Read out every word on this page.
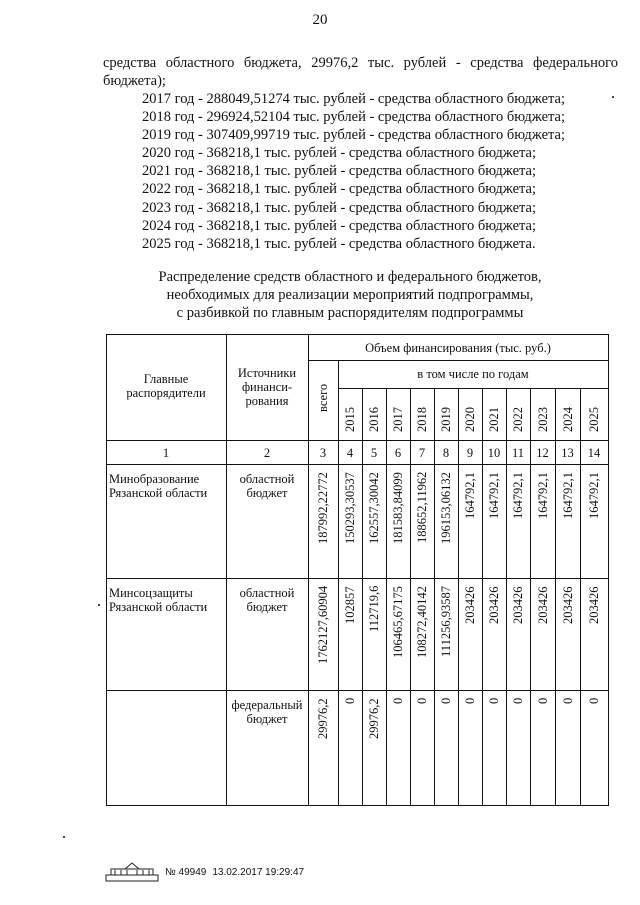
20
средства областного бюджета, 29976,2 тыс. рублей - средства федерального бюджета);
2017 год - 288049,51274 тыс. рублей - средства областного бюджета;
2018 год - 296924,52104 тыс. рублей - средства областного бюджета;
2019 год - 307409,99719 тыс. рублей - средства областного бюджета;
2020 год - 368218,1 тыс. рублей - средства областного бюджета;
2021 год - 368218,1 тыс. рублей - средства областного бюджета;
2022 год - 368218,1 тыс. рублей - средства областного бюджета;
2023 год - 368218,1 тыс. рублей - средства областного бюджета;
2024 год - 368218,1 тыс. рублей - средства областного бюджета;
2025 год - 368218,1 тыс. рублей - средства областного бюджета.
Распределение средств областного и федерального бюджетов,
необходимых для реализации мероприятий подпрограммы,
с разбивкой по главным распорядителям подпрограммы
Главные распорядители
Источники финанси-рования
Объем финансирования (тыс. руб.)
в том числе по годам
всего
2015 2016 2017 2018 2019 2020 2021 2022 2023 2024 2025
1	2	3	4	5	6	7	8	9	10 11 12	13	14
Минобразование Рязанской области
областной бюджет	187992,22772 150293,30537 162557,30042 181583,84099 188652,11962 196153,06132 164792,1 164792,1 164792,1 164792,1 164792,1 164792,1
Минсоцзащиты Рязанской области
областной бюджет	1762127,60904 102857 112719,6 106465,67175 108272,40142 111256,93587 203426 203426 203426 203426 203426 203426
федеральный бюджет	29976,2 0 29976,2 0 0 0 0 0 0 0 0 0
№ 49949 13.02.2017 19:29:47
